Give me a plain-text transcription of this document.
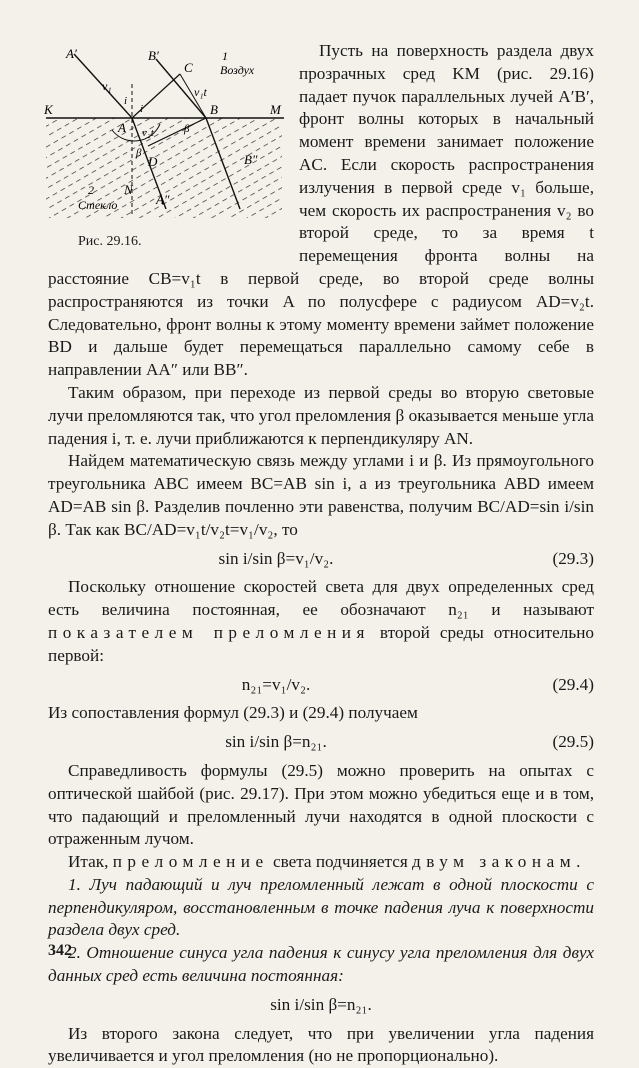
A′	B′
C
1
Воздух
v₁	v₁t
i
i
K	M
A
B
β
v₂t
β
D
N
A″
B″
2
Стекло
Рис. 29.16.

Пусть на поверхность раздела двух прозрачных сред KM (рис. 29.16) падает пучок параллельных лучей A′B′, фронт волны которых в начальный момент времени занимает положение AC. Если скорость распространения излучения в первой среде v₁ больше, чем скорость их распространения v₂ во второй среде, то за время t перемещения фронта волны на расстояние CB=v₁t в первой среде, во второй среде волны распространяются из точки A по полусфере с радиусом AD=v₂t. Следовательно, фронт волны к этому моменту времени займет положение BD и дальше будет перемещаться параллельно самому себе в направлении AA″ или BB″.

Таким образом, при переходе из первой среды во вторую световые лучи преломляются так, что угол преломления β оказывается меньше угла падения i, т. е. лучи приближаются к перпендикуляру AN.

Найдем математическую связь между углами i и β. Из прямоугольного треугольника ABC имеем BC=AB sin i, а из треугольника ABD имеем AD=AB sin β. Разделив почленно эти равенства, получим BC/AD=sin i/sin β. Так как BC/AD=v₁t/v₂t=v₁/v₂, то

sin i/sin β=v₁/v₂.	(29.3)

Поскольку отношение скоростей света для двух определенных сред есть величина постоянная, ее обозначают n₂₁ и называют показателем преломления второй среды относительно первой:

n₂₁=v₁/v₂.	(29.4)

Из сопоставления формул (29.3) и (29.4) получаем

sin i/sin β=n₂₁.	(29.5)

Справедливость формулы (29.5) можно проверить на опытах с оптической шайбой (рис. 29.17). При этом можно убедиться еще и в том, что падающий и преломленный лучи находятся в одной плоскости с отраженным лучом.

Итак, преломление света подчиняется двум законам.

1. Луч падающий и луч преломленный лежат в одной плоскости с перпендикуляром, восстановленным в точке падения луча к поверхности раздела двух сред.

2. Отношение синуса угла падения к синусу угла преломления для двух данных сред есть величина постоянная:

sin i/sin β=n₂₁.

Из второго закона следует, что при увеличении угла падения увеличивается и угол преломления (но не пропорционально).

342
